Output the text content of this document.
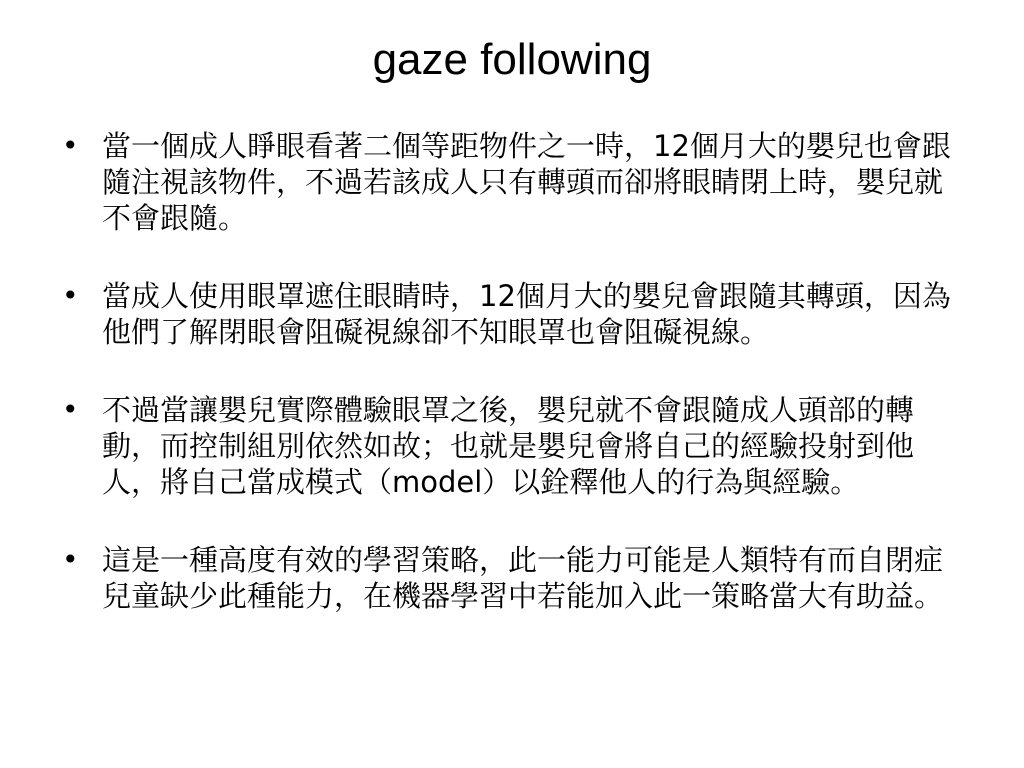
gaze following
• 當一個成人睜眼看著二個等距物件之一時，12個月大的嬰兒也會跟隨注視該物件，不過若該成人只有轉頭而卻將眼睛閉上時，嬰兒就不會跟隨。
• 當成人使用眼罩遮住眼睛時，12個月大的嬰兒會跟隨其轉頭，因為他們了解閉眼會阻礙視線卻不知眼罩也會阻礙視線。
• 不過當讓嬰兒實際體驗眼罩之後，嬰兒就不會跟隨成人頭部的轉動，而控制組別依然如故；也就是嬰兒會將自己的經驗投射到他人，將自己當成模式（model）以銓釋他人的行為與經驗。
• 這是一種高度有效的學習策略，此一能力可能是人類特有而自閉症兒童缺少此種能力，在機器學習中若能加入此一策略當大有助益。
